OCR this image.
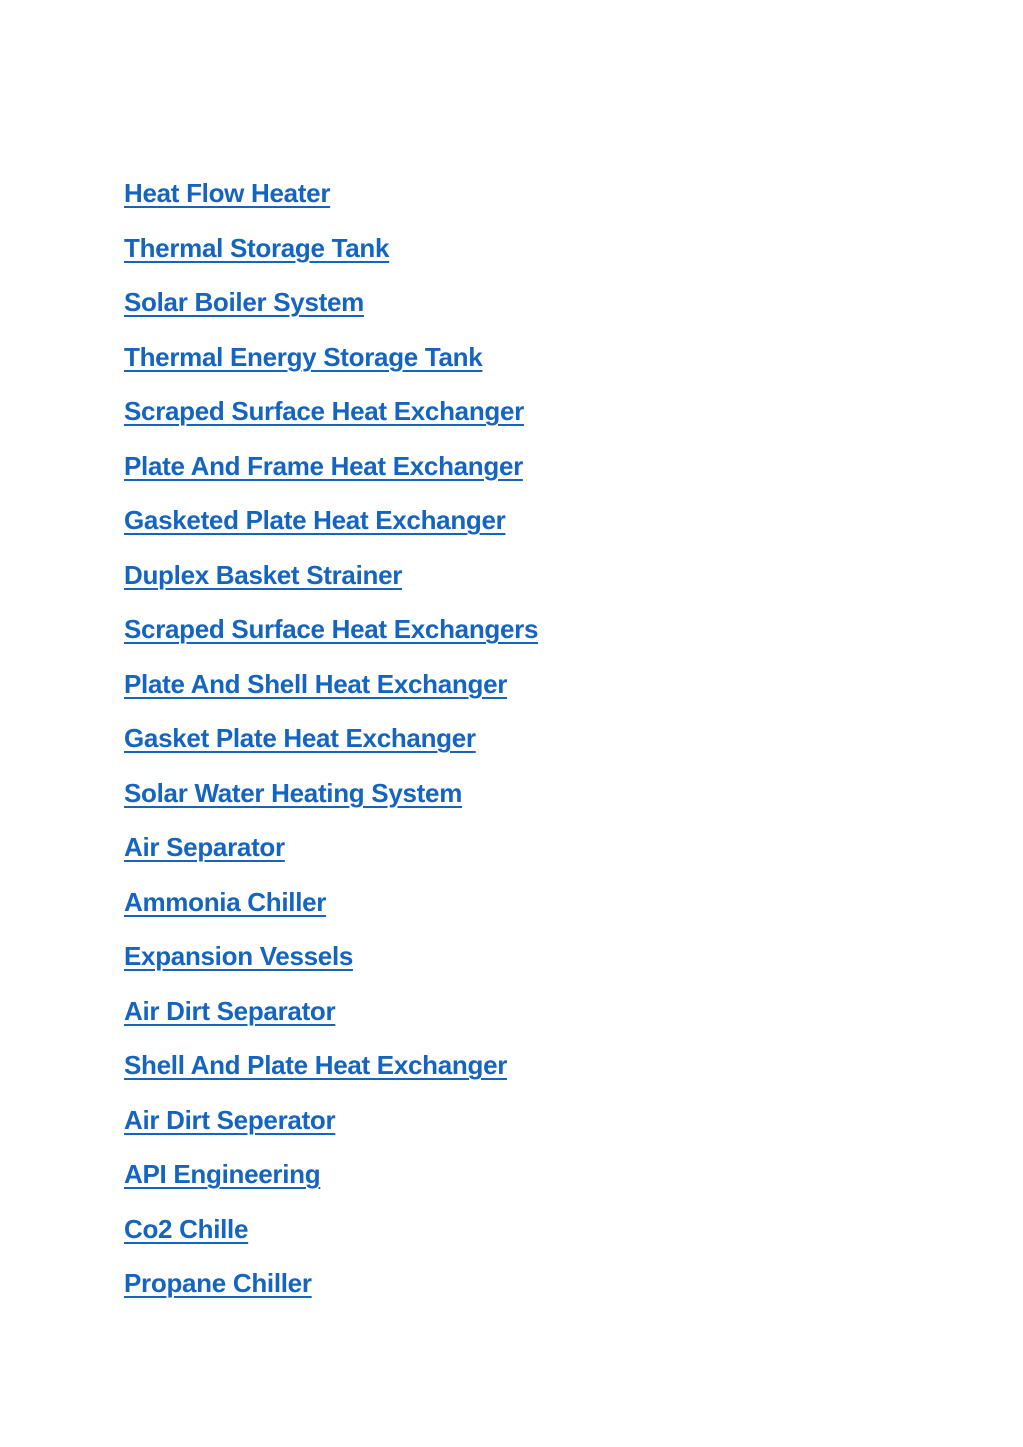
Heat Flow Heater
Thermal Storage Tank
Solar Boiler System
Thermal Energy Storage Tank
Scraped Surface Heat Exchanger
Plate And Frame Heat Exchanger
Gasketed Plate Heat Exchanger
Duplex Basket Strainer
Scraped Surface Heat Exchangers
Plate And Shell Heat Exchanger
Gasket Plate Heat Exchanger
Solar Water Heating System
Air Separator
Ammonia Chiller
Expansion Vessels
Air Dirt Separator
Shell And Plate Heat Exchanger
Air Dirt Seperator
API Engineering
Co2 Chille
Propane Chiller
